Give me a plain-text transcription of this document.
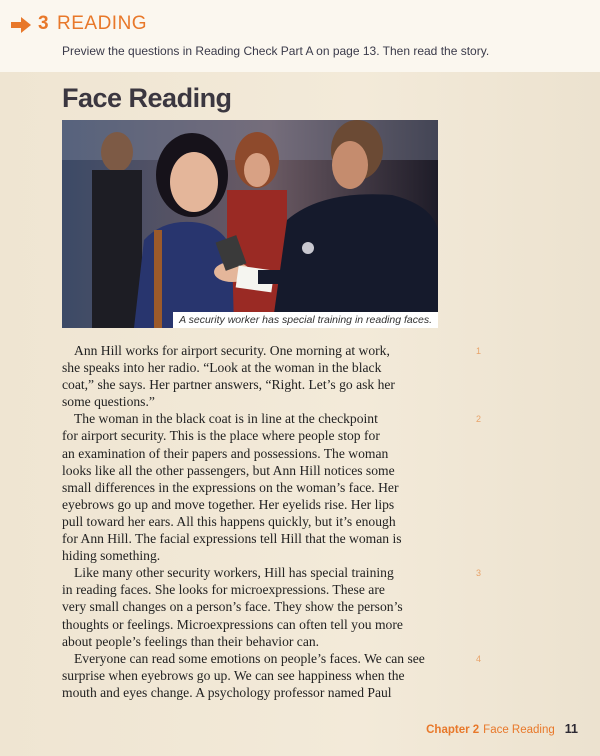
3 READING
Preview the questions in Reading Check Part A on page 13. Then read the story.
Face Reading
A security worker has special training in reading faces.
Ann Hill works for airport security. One morning at work,
she speaks into her radio. “Look at the woman in the black
coat,” she says. Her partner answers, “Right. Let’s go ask her
some questions.”
The woman in the black coat is in line at the checkpoint
for airport security. This is the place where people stop for
an examination of their papers and possessions. The woman
looks like all the other passengers, but Ann Hill notices some
small differences in the expressions on the woman’s face. Her
eyebrows go up and move together. Her eyelids rise. Her lips
pull toward her ears. All this happens quickly, but it’s enough
for Ann Hill. The facial expressions tell Hill that the woman is
hiding something.
Like many other security workers, Hill has special training
in reading faces. She looks for microexpressions. These are
very small changes on a person’s face. They show the person’s
thoughts or feelings. Microexpressions can often tell you more
about people’s feelings than their behavior can.
Everyone can read some emotions on people’s faces. We can see
surprise when eyebrows go up. We can see happiness when the
mouth and eyes change. A psychology professor named Paul
1
2
3
4
Chapter 2 Face Reading 11
